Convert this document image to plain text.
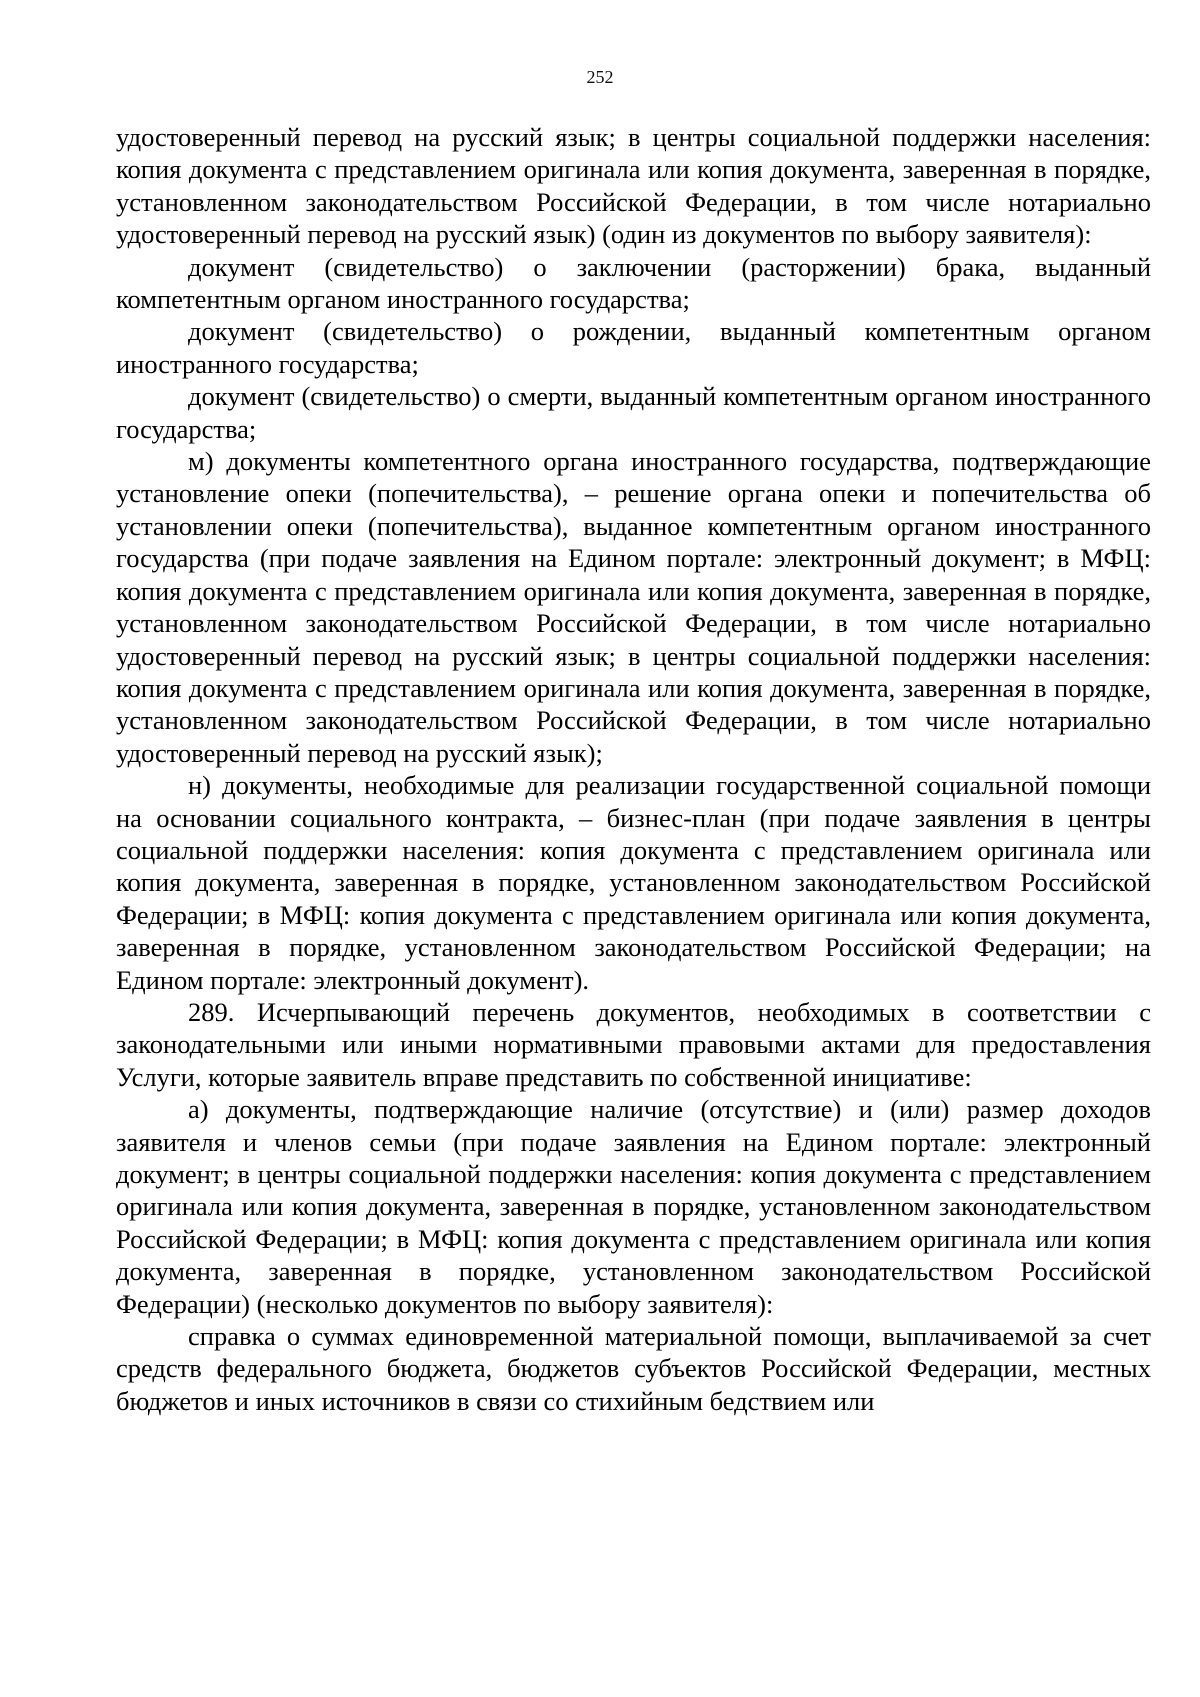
252

удостоверенный перевод на русский язык; в центры социальной поддержки населения: копия документа с представлением оригинала или копия документа, заверенная в порядке, установленном законодательством Российской Федерации, в том числе нотариально удостоверенный перевод на русский язык) (один из документов по выбору заявителя):

документ (свидетельство) о заключении (расторжении) брака, выданный компетентным органом иностранного государства;

документ (свидетельство) о рождении, выданный компетентным органом иностранного государства;

документ (свидетельство) о смерти, выданный компетентным органом иностранного государства;

м) документы компетентного органа иностранного государства, подтверждающие установление опеки (попечительства), – решение органа опеки и попечительства об установлении опеки (попечительства), выданное компетентным органом иностранного государства (при подаче заявления на Едином портале: электронный документ; в МФЦ: копия документа с представлением оригинала или копия документа, заверенная в порядке, установленном законодательством Российской Федерации, в том числе нотариально удостоверенный перевод на русский язык; в центры социальной поддержки населения: копия документа с представлением оригинала или копия документа, заверенная в порядке, установленном законодательством Российской Федерации, в том числе нотариально удостоверенный перевод на русский язык);

н) документы, необходимые для реализации государственной социальной помощи на основании социального контракта, – бизнес-план (при подаче заявления в центры социальной поддержки населения: копия документа с представлением оригинала или копия документа, заверенная в порядке, установленном законодательством Российской Федерации; в МФЦ: копия документа с представлением оригинала или копия документа, заверенная в порядке, установленном законодательством Российской Федерации; на Едином портале: электронный документ).

289. Исчерпывающий перечень документов, необходимых в соответствии с законодательными или иными нормативными правовыми актами для предоставления Услуги, которые заявитель вправе представить по собственной инициативе:

а) документы, подтверждающие наличие (отсутствие) и (или) размер доходов заявителя и членов семьи (при подаче заявления на Едином портале: электронный документ; в центры социальной поддержки населения: копия документа с представлением оригинала или копия документа, заверенная в порядке, установленном законодательством Российской Федерации; в МФЦ: копия документа с представлением оригинала или копия документа, заверенная в порядке, установленном законодательством Российской Федерации) (несколько документов по выбору заявителя):

справка о суммах единовременной материальной помощи, выплачиваемой за счет средств федерального бюджета, бюджетов субъектов Российской Федерации, местных бюджетов и иных источников в связи со стихийным бедствием или
